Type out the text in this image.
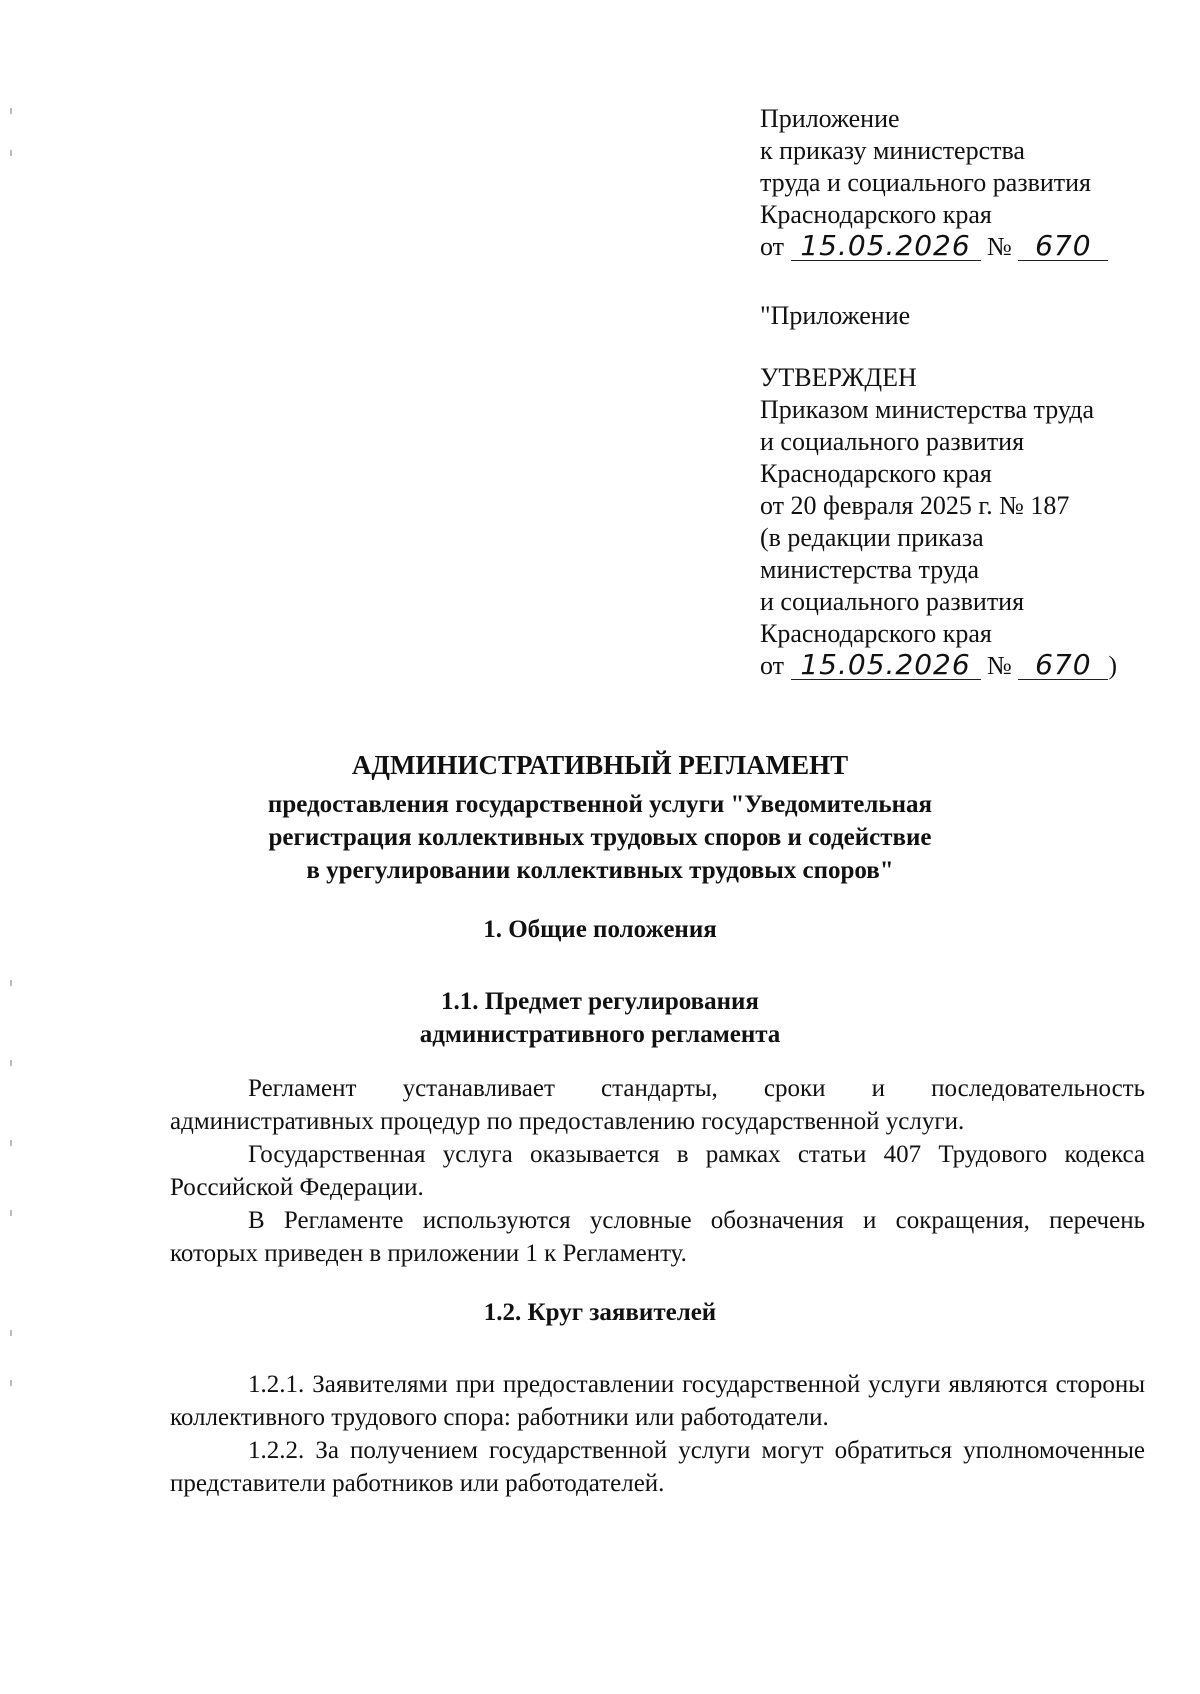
Приложение
к приказу министерства
труда и социального развития
Краснодарского края
от 15.05.2026 № 670
"Приложение
УТВЕРЖДЕН
Приказом министерства труда
и социального развития
Краснодарского края
от 20 февраля 2025 г. № 187
(в редакции приказа
министерства труда
и социального развития
Краснодарского края
от 15.05.2026 № 670 )
АДМИНИСТРАТИВНЫЙ РЕГЛАМЕНТ
предоставления государственной услуги "Уведомительная
регистрация коллективных трудовых споров и содействие
в урегулировании коллективных трудовых споров"
1. Общие положения
1.1. Предмет регулирования
административного регламента

Регламент устанавливает стандарты, сроки и последовательность административных процедур по предоставлению государственной услуги.

Государственная услуга оказывается в рамках статьи 407 Трудового кодекса Российской Федерации.

В Регламенте используются условные обозначения и сокращения, перечень которых приведен в приложении 1 к Регламенту.

1.2. Круг заявителей

1.2.1. Заявителями при предоставлении государственной услуги являются стороны коллективного трудового спора: работники или работодатели.

1.2.2. За получением государственной услуги могут обратиться уполномоченные представители работников или работодателей.
